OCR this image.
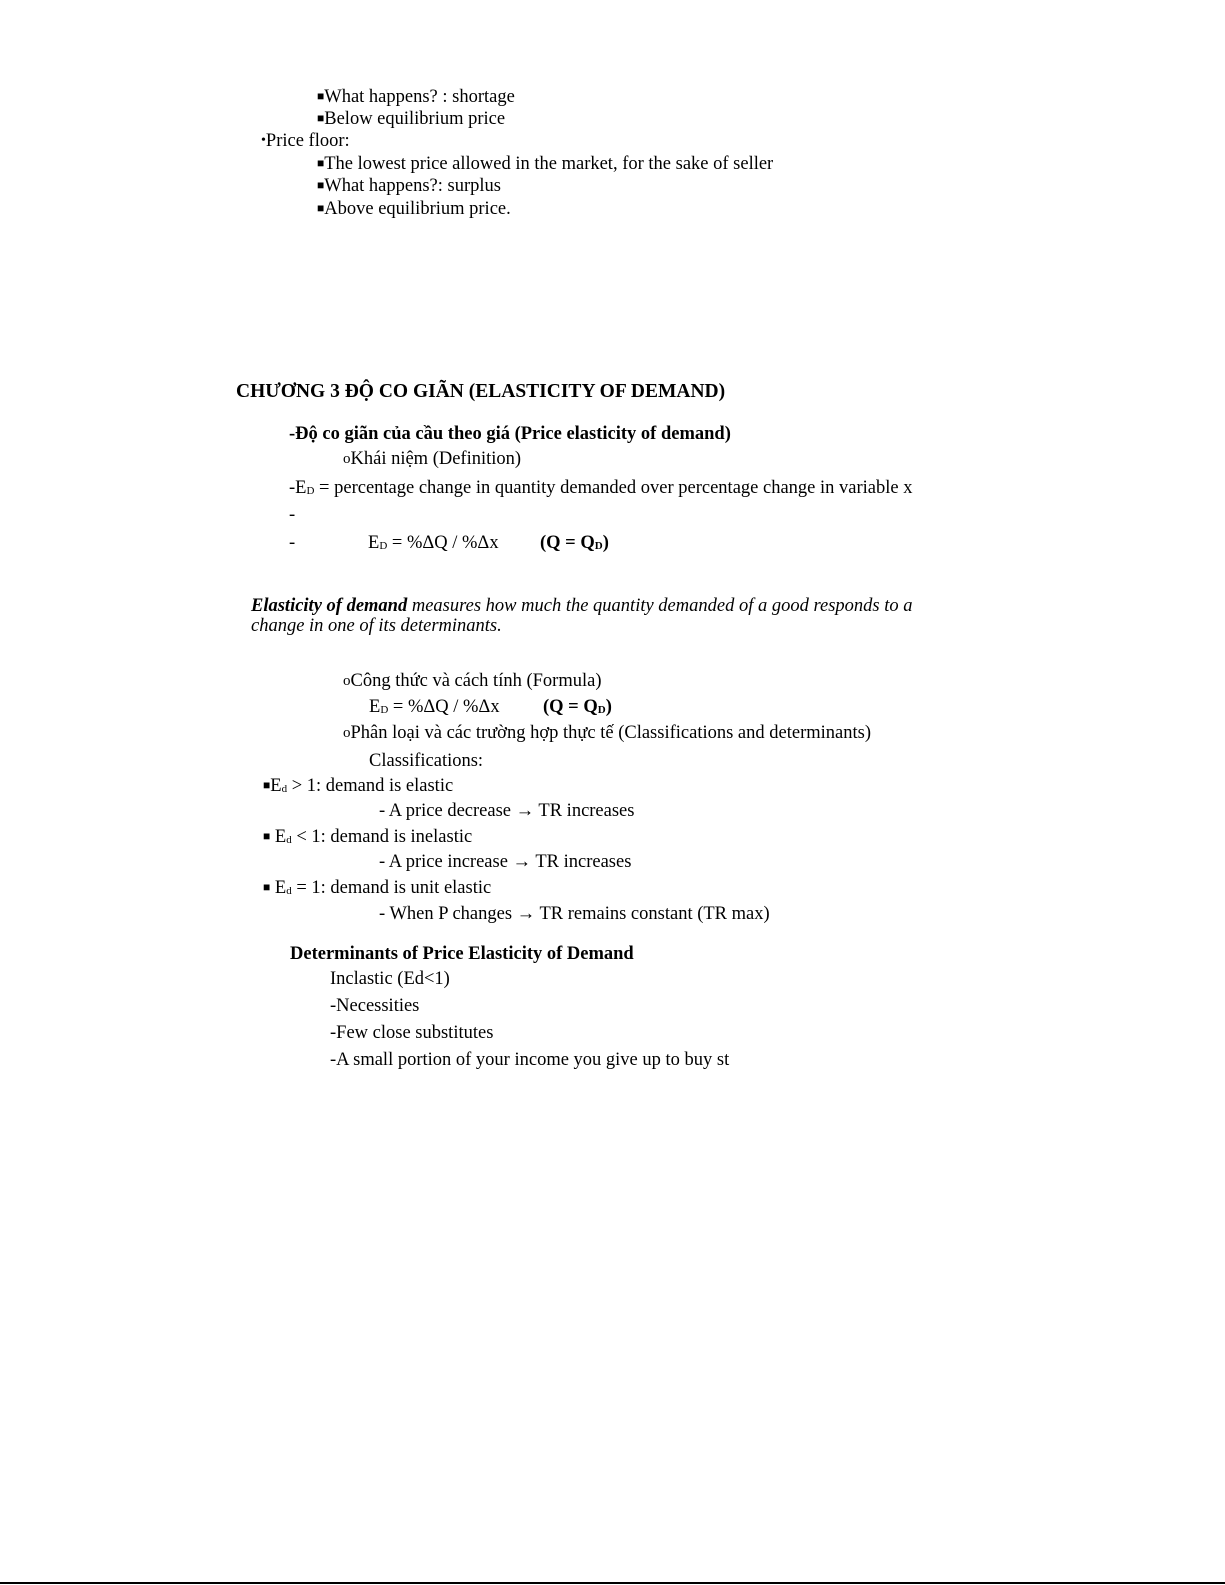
■What happens? : shortage
■Below equilibrium price
•Price floor:
■The lowest price allowed in the market, for the sake of seller
■What happens?: surplus
■Above equilibrium price.
CHƯƠNG 3 ĐỘ CO GIÃN (ELASTICITY OF DEMAND)
-Độ co giãn của cầu theo giá (Price elasticity of demand)
oKhái niệm (Definition)
$-E_D$ = percentage change in quantity demanded over percentage change in variable x
-
-	$E_D = \%\Delta Q / \%\Delta x$ $(Q = Q_D)$
Elasticity of demand measures how much the quantity demanded of a good responds to a
change in one of its determinants.
oCông thức và cách tính (Formula)
$E_D = \%\Delta Q / \%\Delta x$ $(Q = Q_D)$
oPhân loại và các trường hợp thực tế (Classifications and determinants)
Classifications:
$■E_d > 1$: demand is elastic
- A price decrease → TR increases
■ $E_d < 1$: demand is inelastic
- A price increase → TR increases
■ $E_d = 1$: demand is unit elastic
- When P changes → TR remains constant (TR max)
Determinants of Price Elasticity of Demand
Inclastic (Ed<1)
-Necessities
-Few close substitutes
-A small portion of your income you give up to buy st
